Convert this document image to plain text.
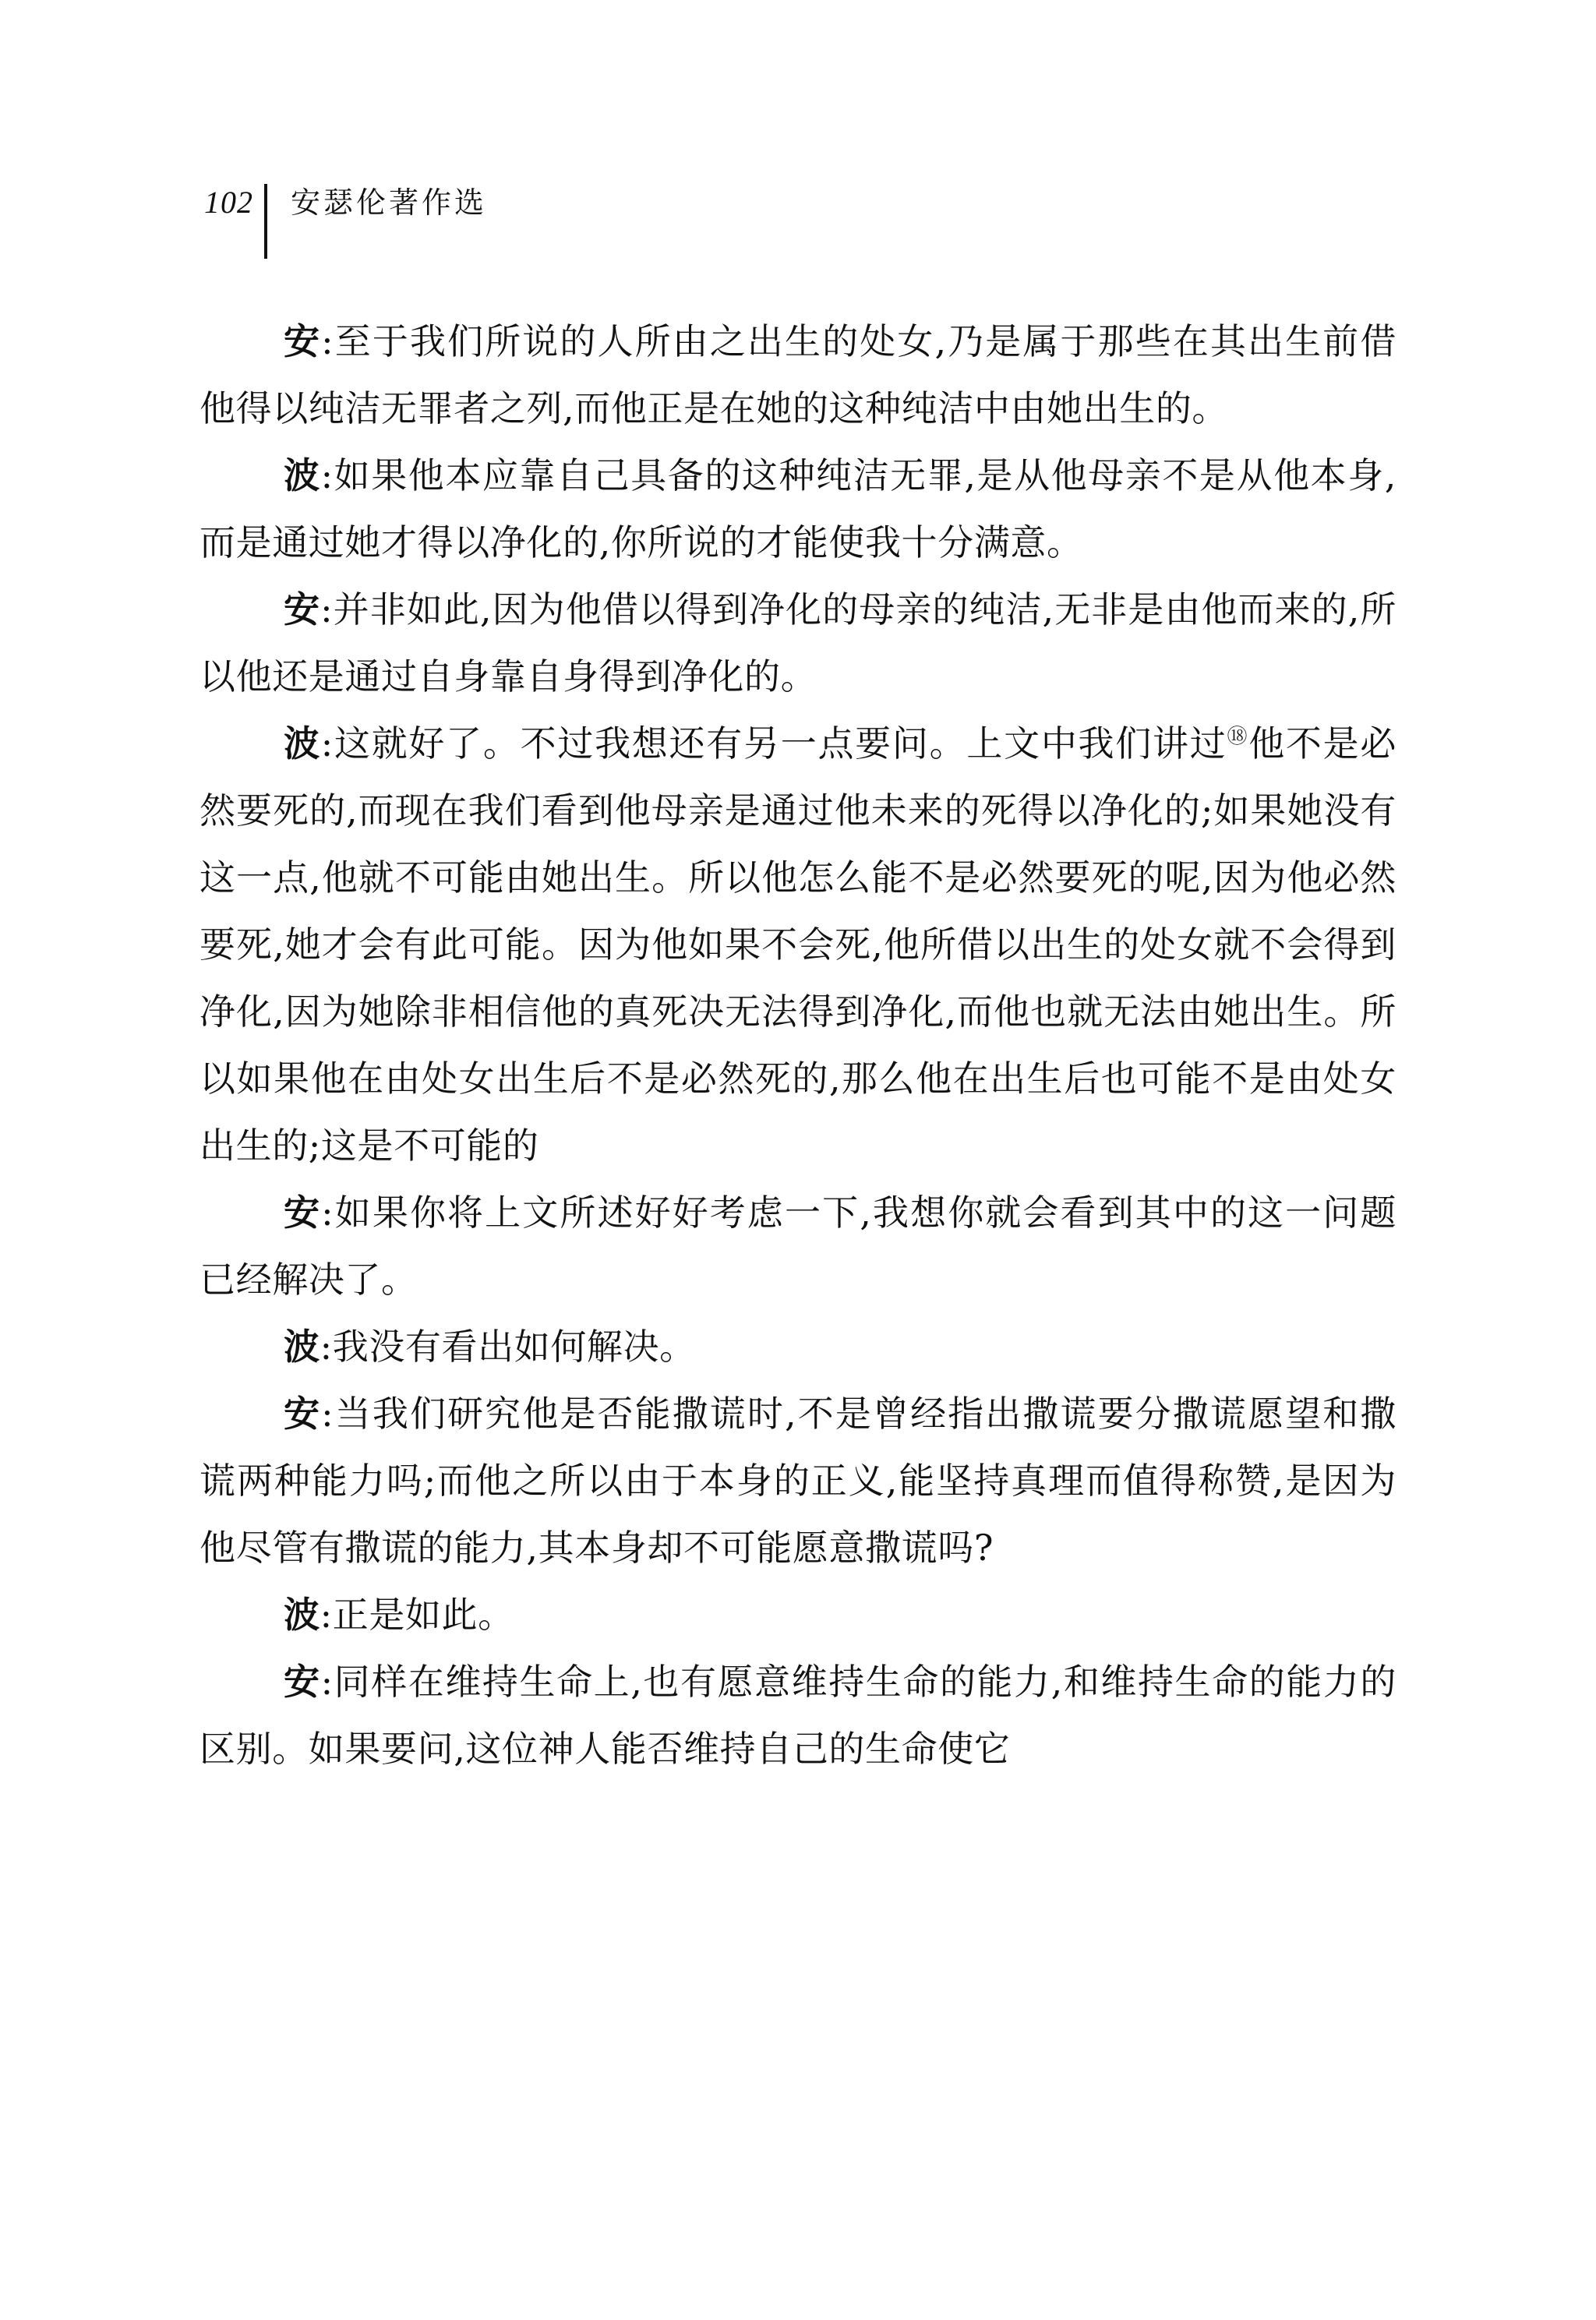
102 安瑟伦著作选

安:至于我们所说的人所由之出生的处女,乃是属于那些在其出生前借他得以纯洁无罪者之列,而他正是在她的这种纯洁中由她出生的。

波:如果他本应靠自己具备的这种纯洁无罪,是从他母亲不是从他本身,而是通过她才得以净化的,你所说的才能使我十分满意。

安:并非如此,因为他借以得到净化的母亲的纯洁,无非是由他而来的,所以他还是通过自身靠自身得到净化的。

波:这就好了。不过我想还有另一点要问。上文中我们讲过⑱他不是必然要死的,而现在我们看到他母亲是通过他未来的死得以净化的;如果她没有这一点,他就不可能由她出生。所以他怎么能不是必然要死的呢,因为他必然要死,她才会有此可能。因为他如果不会死,他所借以出生的处女就不会得到净化,因为她除非相信他的真死决无法得到净化,而他也就无法由她出生。所以如果他在由处女出生后不是必然死的,那么他在出生后也可能不是由处女出生的;这是不可能的

安:如果你将上文所述好好考虑一下,我想你就会看到其中的这一问题已经解决了。

波:我没有看出如何解决。

安:当我们研究他是否能撒谎时,不是曾经指出撒谎要分撒谎愿望和撒谎两种能力吗;而他之所以由于本身的正义,能坚持真理而值得称赞,是因为他尽管有撒谎的能力,其本身却不可能愿意撒谎吗?

波:正是如此。

安:同样在维持生命上,也有愿意维持生命的能力,和维持生命的能力的区别。如果要问,这位神人能否维持自己的生命使它
